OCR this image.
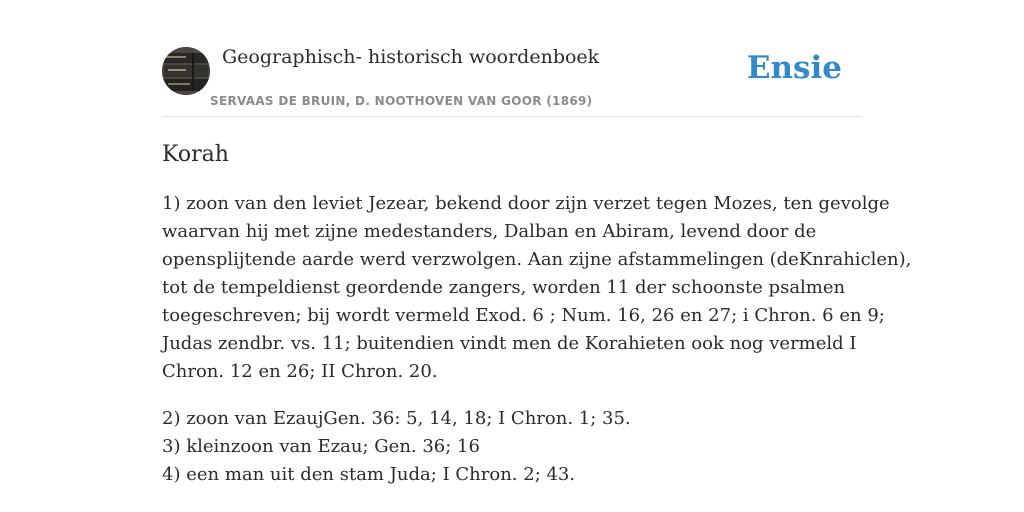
Geographisch- historisch woordenboek
SERVAAS DE BRUIN, D. NOOTHOVEN VAN GOOR (1869)
Ensie
Korah

1) zoon van den leviet Jezear, bekend door zijn verzet tegen Mozes, ten gevolge
waarvan hij met zijne medestanders, Dalban en Abiram, levend door de
opensplijtende aarde werd verzwolgen. Aan zijne afstammelingen (deKnrahiclen),
tot de tempeldienst geordende zangers, worden 11 der schoonste psalmen
toegeschreven; bij wordt vermeld Exod. 6 ; Num. 16, 26 en 27; i Chron. 6 en 9;
Judas zendbr. vs. 11; buitendien vindt men de Korahieten ook nog vermeld I
Chron. 12 en 26; II Chron. 20.

2) zoon van EzaujGen. 36: 5, 14, 18; I Chron. 1; 35.
3) kleinzoon van Ezau; Gen. 36; 16
4) een man uit den stam Juda; I Chron. 2; 43.
